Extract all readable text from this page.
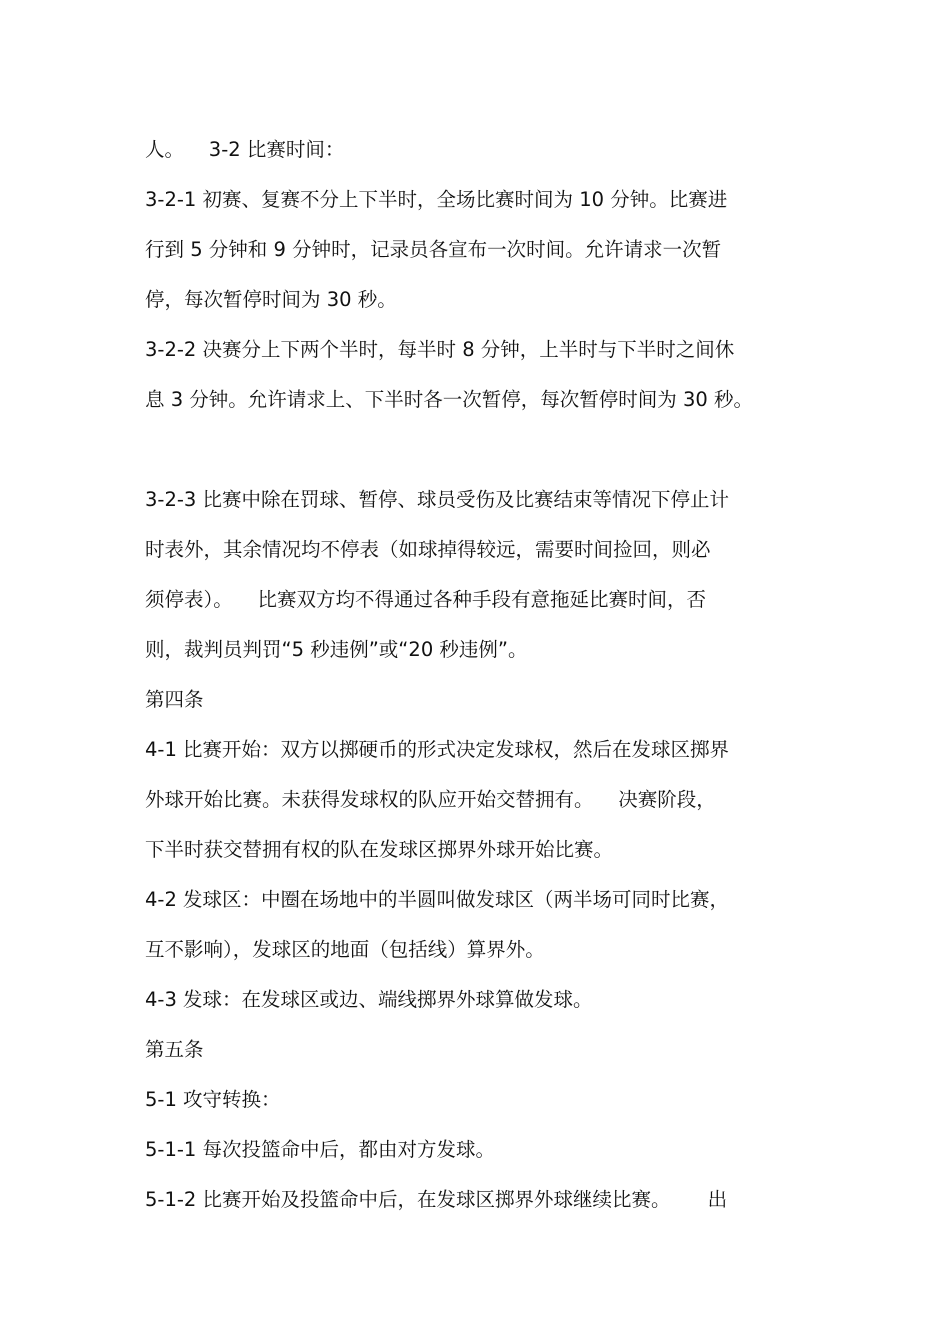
人。    3-2 比赛时间：

3-2-1 初赛、复赛不分上下半时，全场比赛时间为 10 分钟。比赛进

行到 5 分钟和 9 分钟时，记录员各宣布一次时间。允许请求一次暂

停，每次暂停时间为 30 秒。

3-2-2 决赛分上下两个半时，每半时 8 分钟，上半时与下半时之间休

息 3 分钟。允许请求上、下半时各一次暂停，每次暂停时间为 30 秒。

3-2-3 比赛中除在罚球、暂停、球员受伤及比赛结束等情况下停止计

时表外，其余情况均不停表（如球掉得较远，需要时间捡回，则必

须停表）。    比赛双方均不得通过各种手段有意拖延比赛时间，否

则，裁判员判罚“5 秒违例”或“20 秒违例”。

第四条

4-1 比赛开始：双方以掷硬币的形式决定发球权，然后在发球区掷界

外球开始比赛。未获得发球权的队应开始交替拥有。    决赛阶段，

下半时获交替拥有权的队在发球区掷界外球开始比赛。

4-2 发球区：中圈在场地中的半圆叫做发球区（两半场可同时比赛，

互不影响），发球区的地面（包括线）算界外。

4-3 发球：在发球区或边、端线掷界外球算做发球。

第五条

5-1 攻守转换：

5-1-1 每次投篮命中后，都由对方发球。

5-1-2 比赛开始及投篮命中后，在发球区掷界外球继续比赛。      出
